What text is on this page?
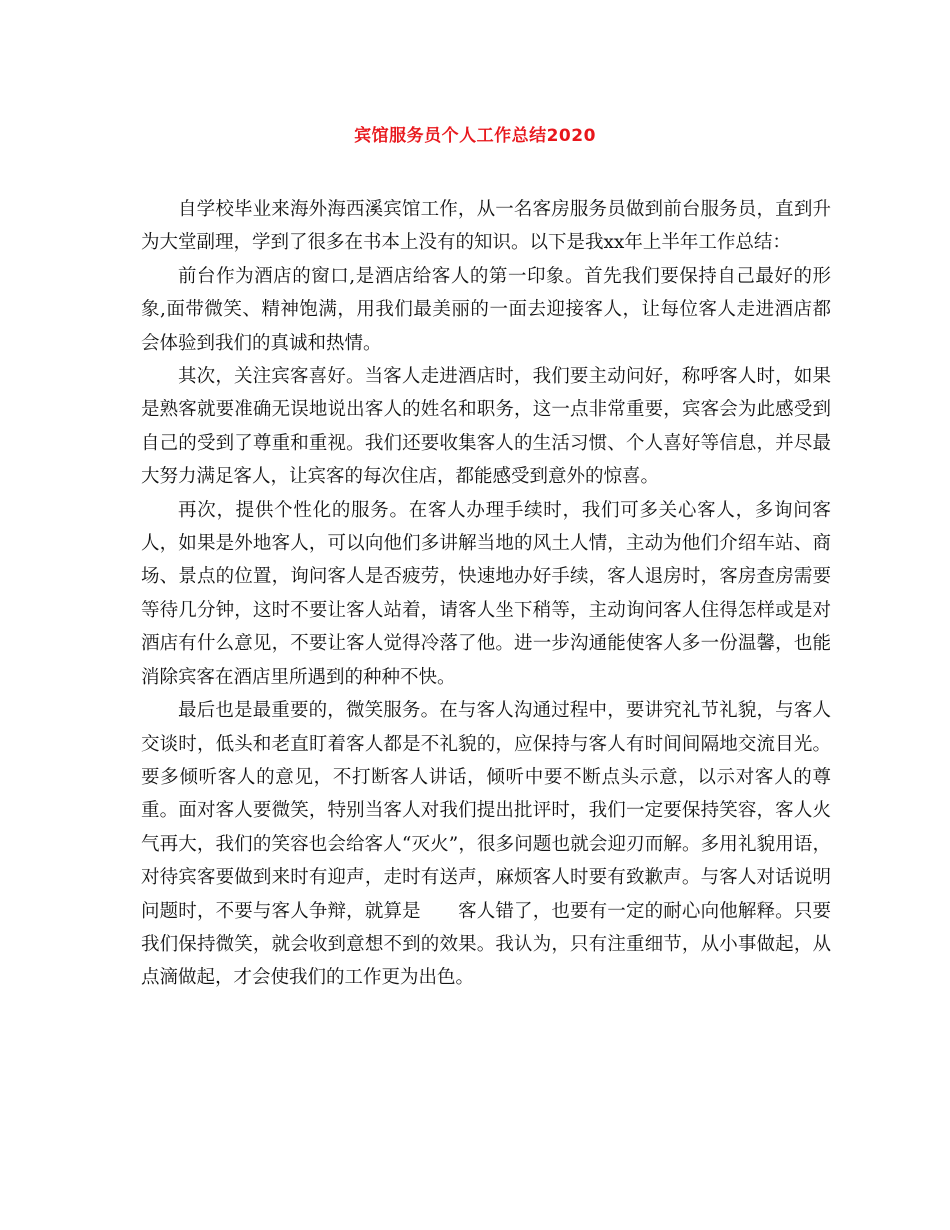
宾馆服务员个人工作总结2020

自学校毕业来海外海西溪宾馆工作，从一名客房服务员做到前台服务员，直到升为大堂副理，学到了很多在书本上没有的知识。以下是我xx年上半年工作总结：

前台作为酒店的窗口,是酒店给客人的第一印象。首先我们要保持自己最好的形象,面带微笑、精神饱满，用我们最美丽的一面去迎接客人，让每位客人走进酒店都会体验到我们的真诚和热情。

其次，关注宾客喜好。当客人走进酒店时，我们要主动问好，称呼客人时，如果是熟客就要准确无误地说出客人的姓名和职务，这一点非常重要，宾客会为此感受到自己的受到了尊重和重视。我们还要收集客人的生活习惯、个人喜好等信息，并尽最大努力满足客人，让宾客的每次住店，都能感受到意外的惊喜。

再次，提供个性化的服务。在客人办理手续时，我们可多关心客人，多询问客人，如果是外地客人，可以向他们多讲解当地的风土人情，主动为他们介绍车站、商场、景点的位置，询问客人是否疲劳，快速地办好手续，客人退房时，客房查房需要等待几分钟，这时不要让客人站着，请客人坐下稍等，主动询问客人住得怎样或是对酒店有什么意见，不要让客人觉得冷落了他。进一步沟通能使客人多一份温馨，也能消除宾客在酒店里所遇到的种种不快。

最后也是最重要的，微笑服务。在与客人沟通过程中，要讲究礼节礼貌，与客人交谈时，低头和老直盯着客人都是不礼貌的，应保持与客人有时间间隔地交流目光。要多倾听客人的意见，不打断客人讲话，倾听中要不断点头示意，以示对客人的尊重。面对客人要微笑，特别当客人对我们提出批评时，我们一定要保持笑容，客人火气再大，我们的笑容也会给客人“灭火”，很多问题也就会迎刃而解。多用礼貌用语，对待宾客要做到来时有迎声，走时有送声，麻烦客人时要有致歉声。与客人对话说明问题时，不要与客人争辩，就算是　　客人错了，也要有一定的耐心向他解释。只要我们保持微笑，就会收到意想不到的效果。我认为，只有注重细节，从小事做起，从点滴做起，才会使我们的工作更为出色。
